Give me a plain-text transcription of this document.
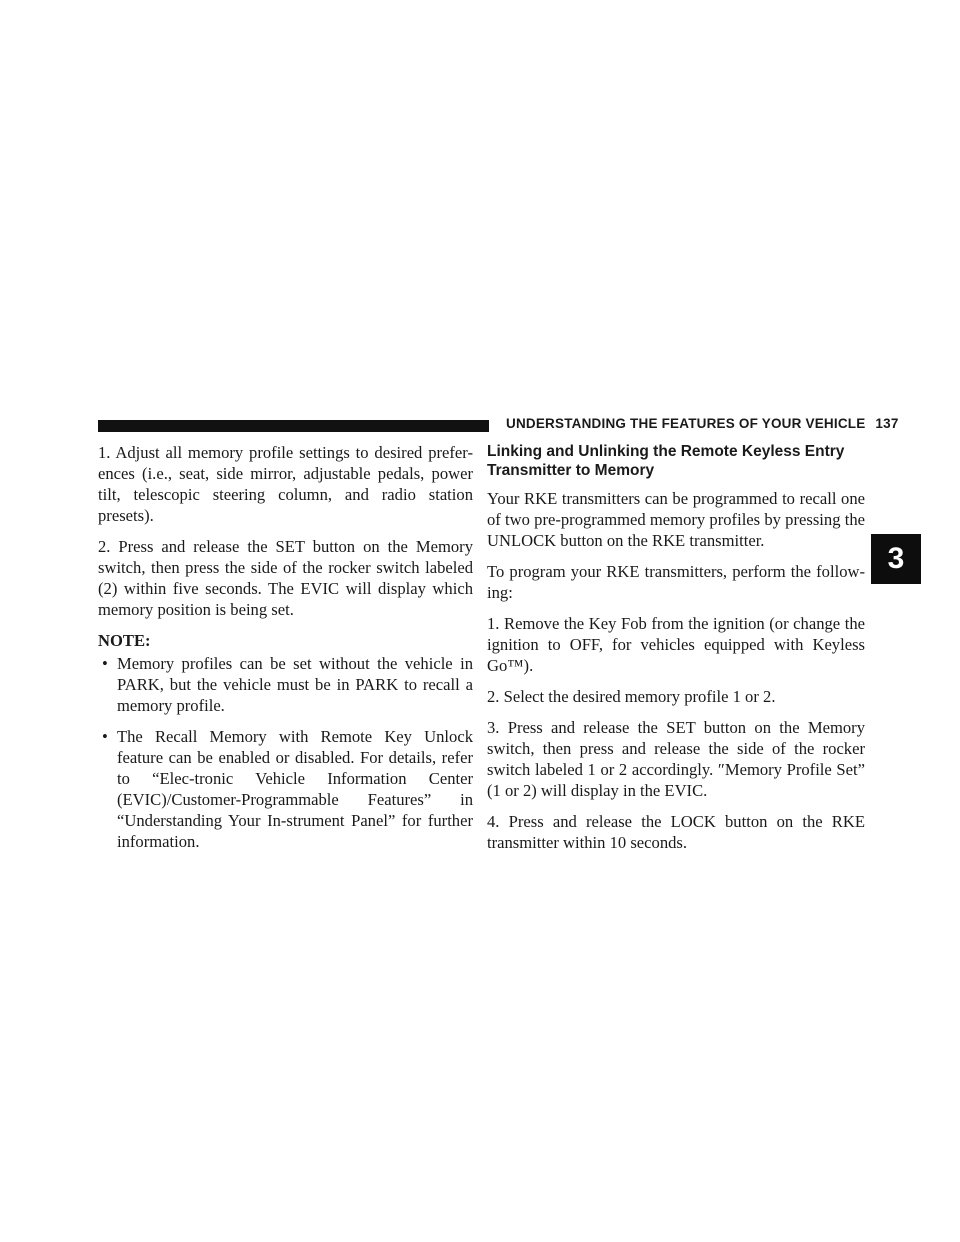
UNDERSTANDING THE FEATURES OF YOUR VEHICLE 137
3

1. Adjust all memory profile settings to desired prefer-ences (i.e., seat, side mirror, adjustable pedals, power tilt, telescopic steering column, and radio station presets).

2. Press and release the SET button on the Memory switch, then press the side of the rocker switch labeled (2) within five seconds. The EVIC will display which memory position is being set.

NOTE:

• Memory profiles can be set without the vehicle in PARK, but the vehicle must be in PARK to recall a memory profile.
• The Recall Memory with Remote Key Unlock feature can be enabled or disabled. For details, refer to “Elec-tronic Vehicle Information Center (EVIC)/Customer-Programmable Features” in “Understanding Your In-strument Panel” for further information.
Linking and Unlinking the Remote Keyless Entry Transmitter to Memory

Your RKE transmitters can be programmed to recall one of two pre-programmed memory profiles by pressing the UNLOCK button on the RKE transmitter.

To program your RKE transmitters, perform the follow-ing:

1. Remove the Key Fob from the ignition (or change the ignition to OFF, for vehicles equipped with Keyless Go™).

2. Select the desired memory profile 1 or 2.

3. Press and release the SET button on the Memory switch, then press and release the side of the rocker switch labeled 1 or 2 accordingly. ″Memory Profile Set” (1 or 2) will display in the EVIC.

4. Press and release the LOCK button on the RKE transmitter within 10 seconds.
